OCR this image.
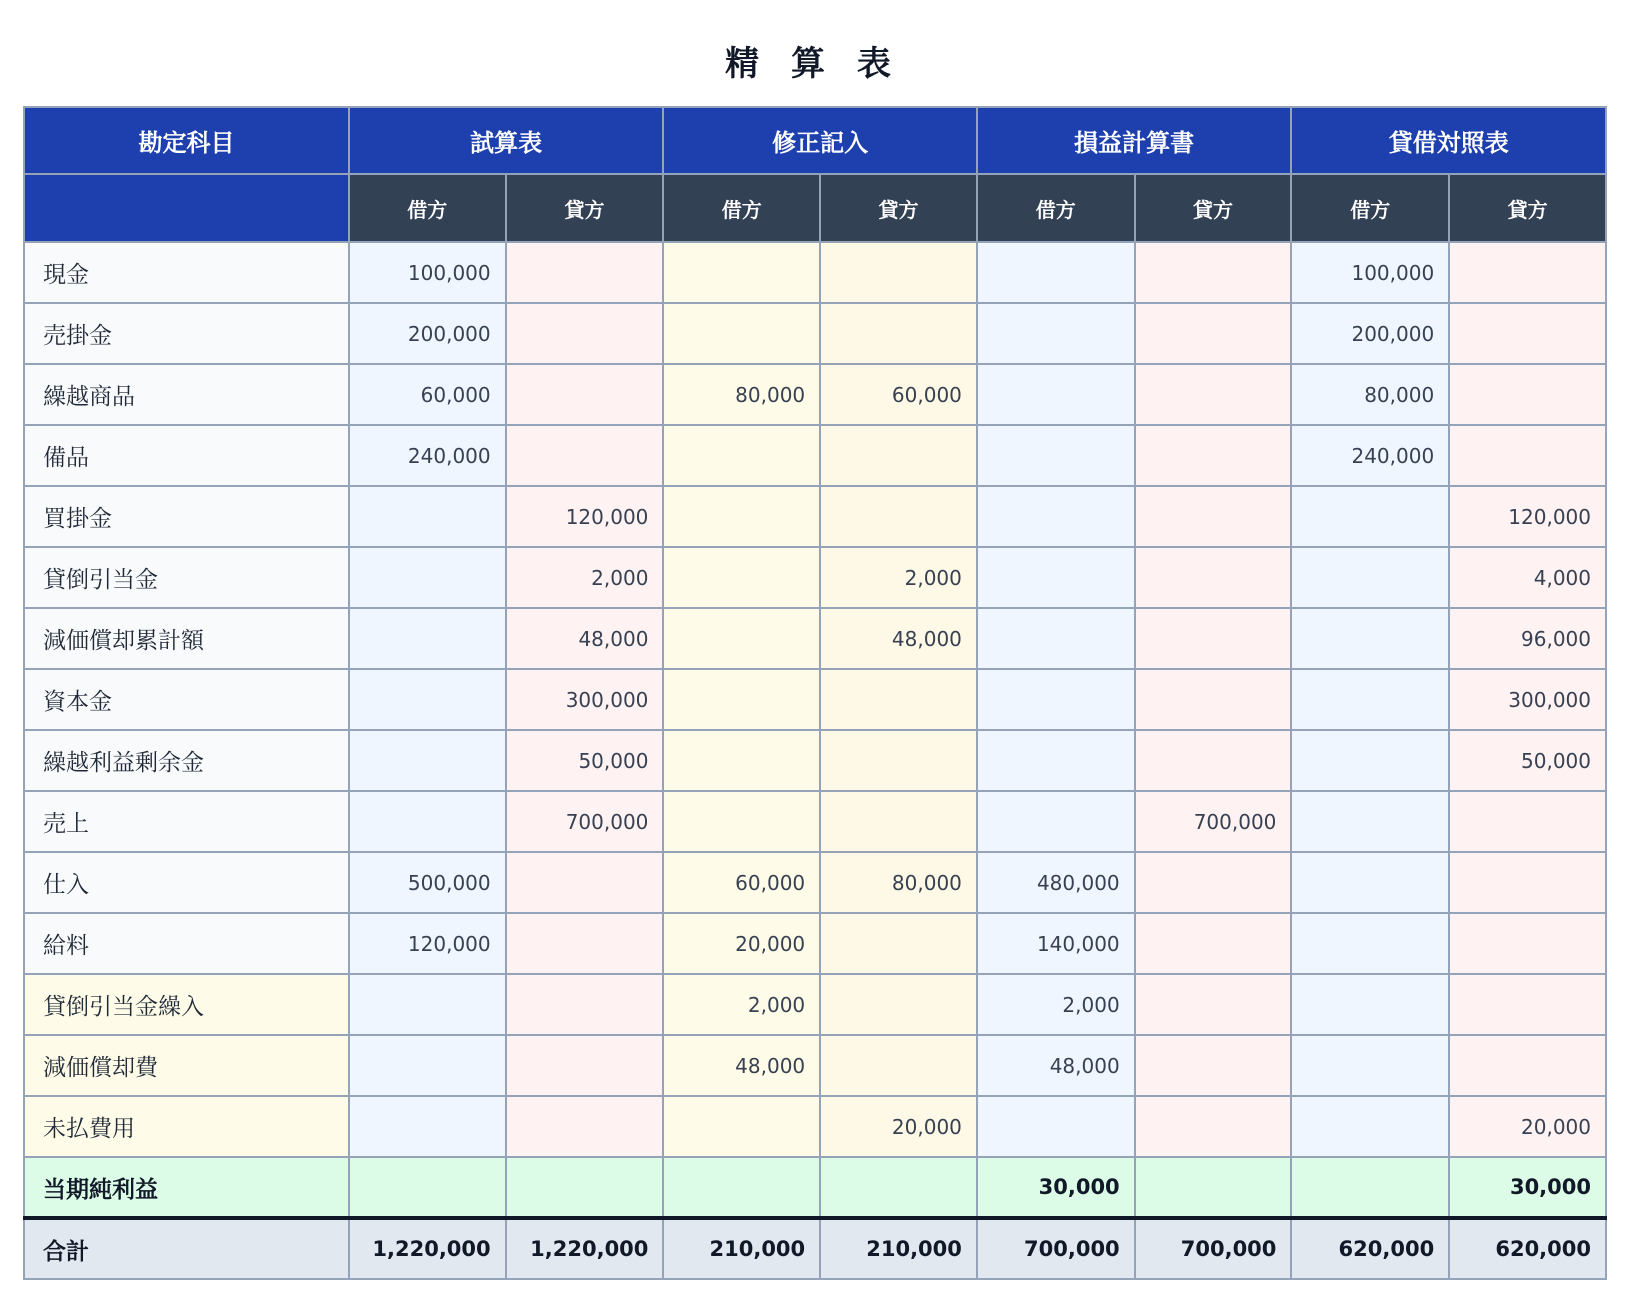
精 算 表
勘定科目	試算表		修正記入		損益計算書		貸借対照表	
	借方	貸方	借方	貸方	借方	貸方	借方	貸方
現金	100,000						100,000	
売掛金	200,000						200,000	
繰越商品	60,000		80,000	60,000			80,000	
備品	240,000						240,000	
買掛金		120,000						120,000
貸倒引当金		2,000		2,000				4,000
減価償却累計額		48,000		48,000				96,000
資本金		300,000						300,000
繰越利益剰余金		50,000						50,000
売上		700,000				700,000		
仕入	500,000		60,000	80,000	480,000			
給料	120,000		20,000		140,000			
貸倒引当金繰入			2,000		2,000			
減価償却費			48,000		48,000			
未払費用				20,000				20,000
当期純利益					30,000			30,000
合計	1,220,000	1,220,000	210,000	210,000	700,000	700,000	620,000	620,000
